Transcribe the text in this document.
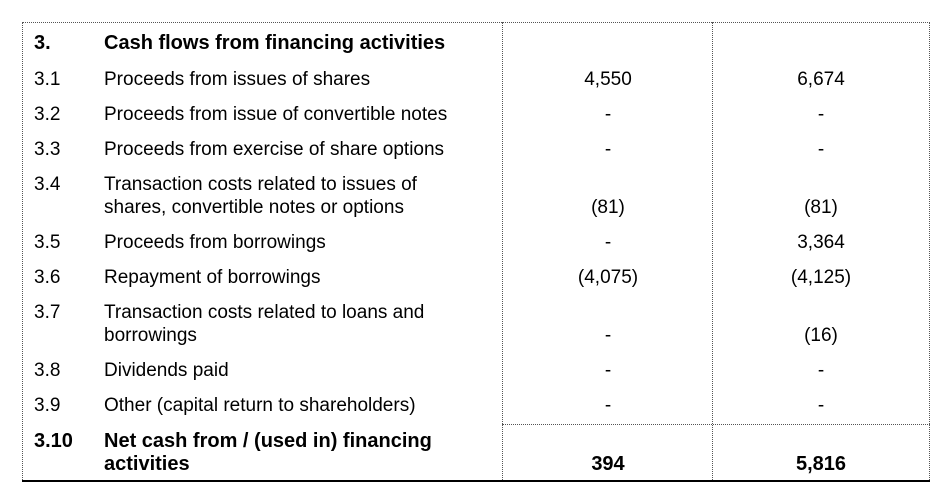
3.	Cash flows from financing activities
3.1 Proceeds from issues of shares	4,550	6,674
3.2 Proceeds from issue of convertible notes	-	-
3.3 Proceeds from exercise of share options	-	-
3.4 Transaction costs related to issues of
shares, convertible notes or options	(81)	(81)
3.5 Proceeds from borrowings	-	3,364
3.6 Repayment of borrowings	(4,075)	(4,125)
3.7 Transaction costs related to loans and
borrowings	-	(16)
3.8 Dividends paid	-	-
3.9 Other (capital return to shareholders)	-	-
3.10 Net cash from / (used in) financing
activities	394	5,816
